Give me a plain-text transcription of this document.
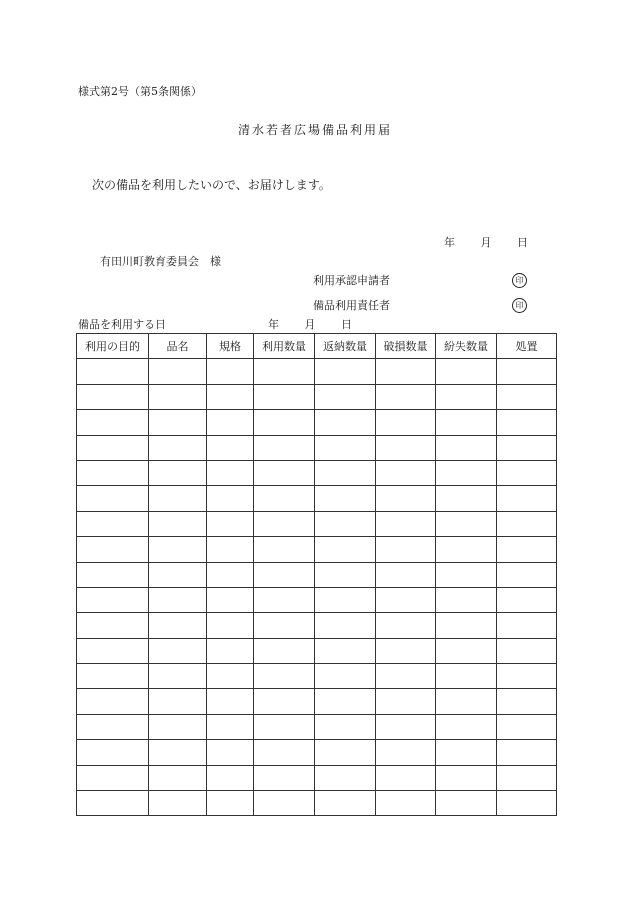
様式第2号（第5条関係）
清水若者広場備品利用届
次の備品を利用したいので、お届けします。
年 月 日
有田川町教育委員会　様
利用承認申請者	印
備品利用責任者	印
備品を利用する日	年 月 日
利用の目的	品名	規格	利用数量	返納数量	破損数量	紛失数量	処置
